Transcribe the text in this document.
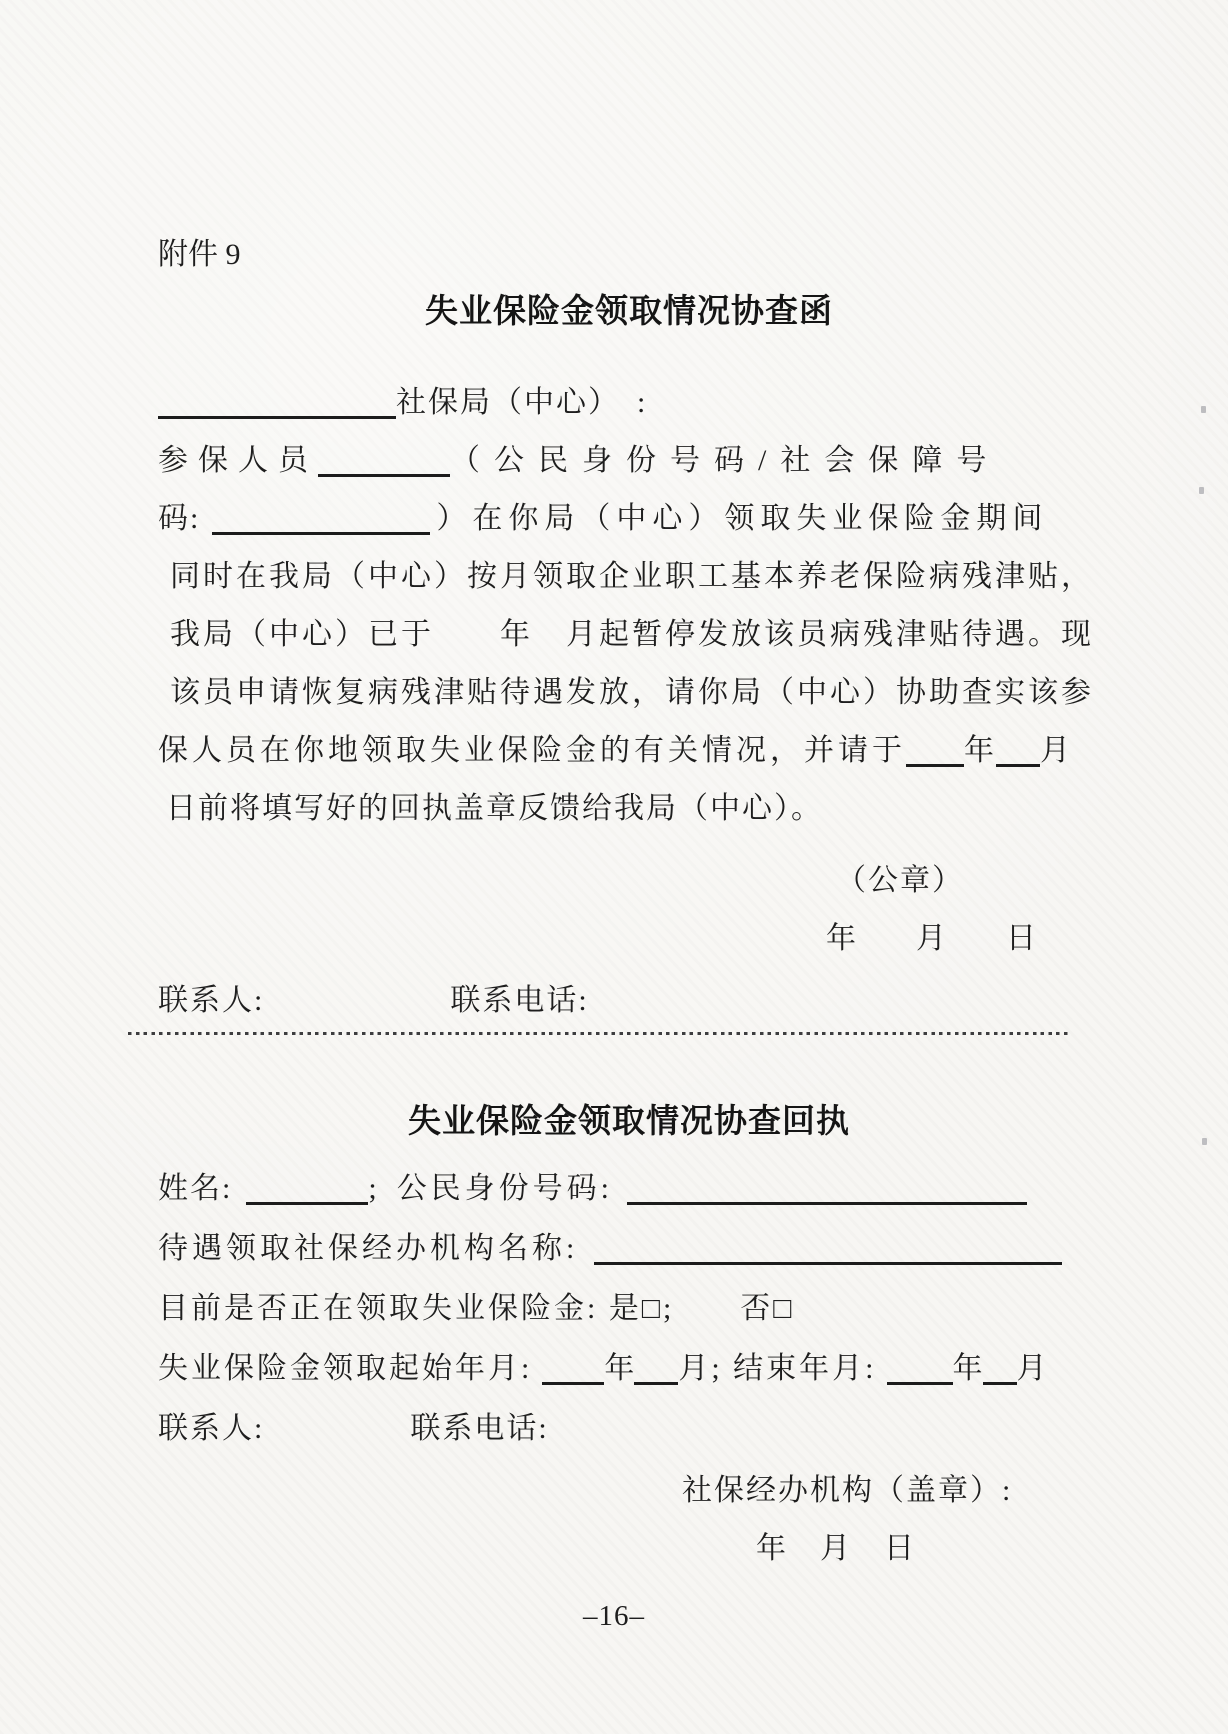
附件 9

失业保险金领取情况协查函

社保局（中心）　:

参保人员	（公民身份号码/社会保障号

码:	）在你局（中心）领取失业保险金期间

同时在我局（中心）按月领取企业职工基本养老保险病残津贴，

我局（中心）已于　　年　月起暂停发放该员病残津贴待遇。现

该员申请恢复病残津贴待遇发放，请你局（中心）协助查实该参

保人员在你地领取失业保险金的有关情况，并请于 年 月

日前将填写好的回执盖章反馈给我局（中心）。

（公章）

年　　月　　日

联系人:	联系电话:

失业保险金领取情况协查回执

姓名:	; 公民身份号码:

待遇领取社保经办机构名称:

目前是否正在领取失业保险金: 是□; 否□

失业保险金领取起始年月: 年 月; 结束年月:	年 月

联系人:	联系电话:

社保经办机构（盖章）:

年　月　日

–16–
